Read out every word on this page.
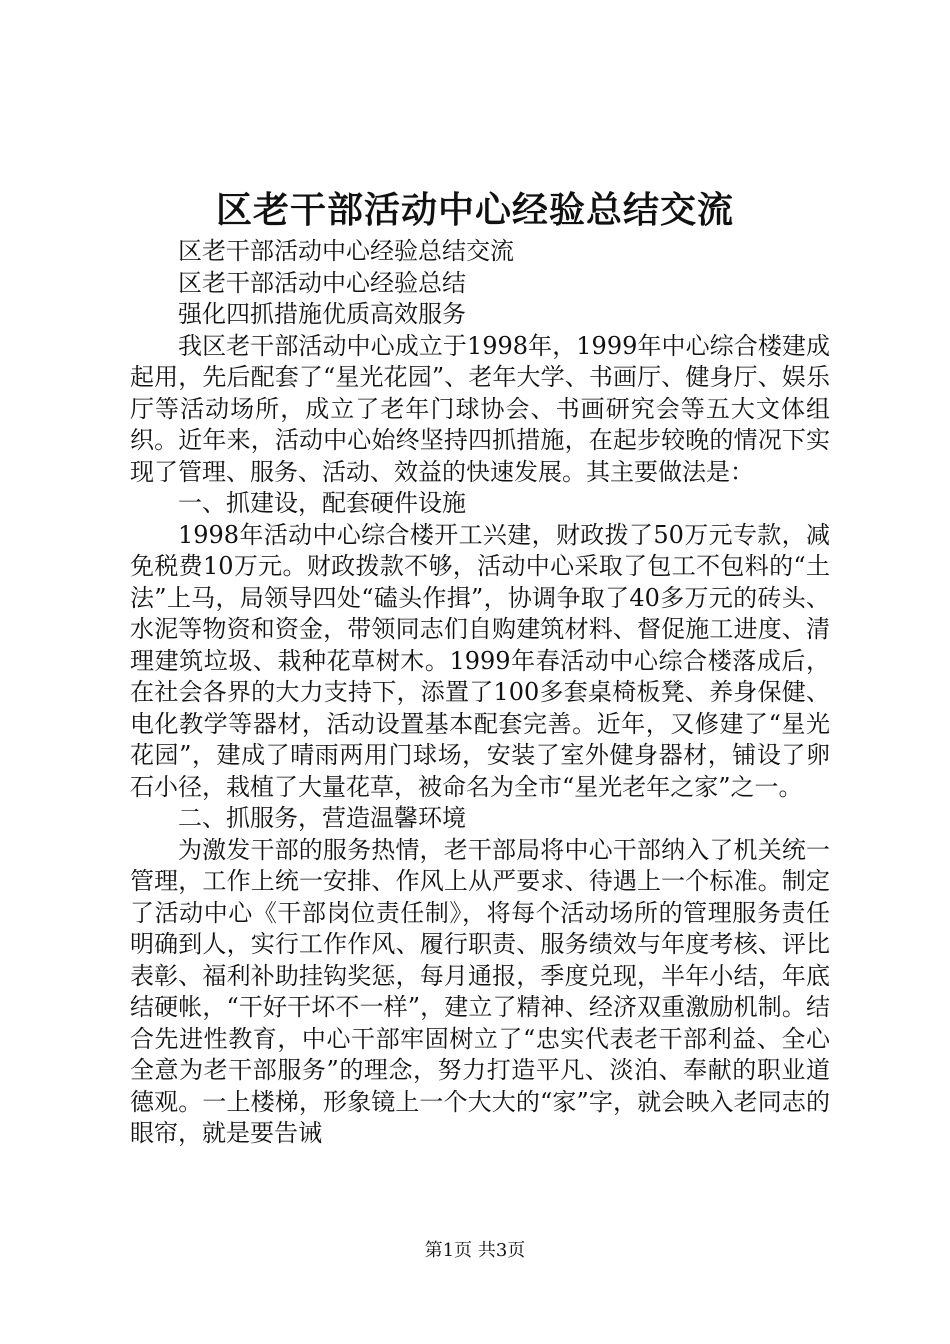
区老干部活动中心经验总结交流

区老干部活动中心经验总结交流

区老干部活动中心经验总结

强化四抓措施优质高效服务

我区老干部活动中心成立于1998年，1999年中心综合楼建成起用，先后配套了“星光花园”、老年大学、书画厅、健身厅、娱乐厅等活动场所，成立了老年门球协会、书画研究会等五大文体组织。近年来，活动中心始终坚持四抓措施，在起步较晚的情况下实现了管理、服务、活动、效益的快速发展。其主要做法是：

一、抓建设，配套硬件设施

1998年活动中心综合楼开工兴建，财政拨了50万元专款，减免税费10万元。财政拨款不够，活动中心采取了包工不包料的“土法”上马，局领导四处“磕头作揖”，协调争取了40多万元的砖头、水泥等物资和资金，带领同志们自购建筑材料、督促施工进度、清理建筑垃圾、栽种花草树木。1999年春活动中心综合楼落成后，在社会各界的大力支持下，添置了100多套桌椅板凳、养身保健、电化教学等器材，活动设置基本配套完善。近年，又修建了“星光花园”，建成了晴雨两用门球场，安装了室外健身器材，铺设了卵石小径，栽植了大量花草，被命名为全市“星光老年之家”之一。

二、抓服务，营造温馨环境

为激发干部的服务热情，老干部局将中心干部纳入了机关统一管理，工作上统一安排、作风上从严要求、待遇上一个标准。制定了活动中心《干部岗位责任制》，将每个活动场所的管理服务责任明确到人，实行工作作风、履行职责、服务绩效与年度考核、评比表彰、福利补助挂钩奖惩，每月通报，季度兑现，半年小结，年底结硬帐，“干好干坏不一样”，建立了精神、经济双重激励机制。结合先进性教育，中心干部牢固树立了“忠实代表老干部利益、全心全意为老干部服务”的理念，努力打造平凡、淡泊、奉献的职业道德观。一上楼梯，形象镜上一个大大的“家”字，就会映入老同志的眼帘，就是要告诫

第1页 共3页
